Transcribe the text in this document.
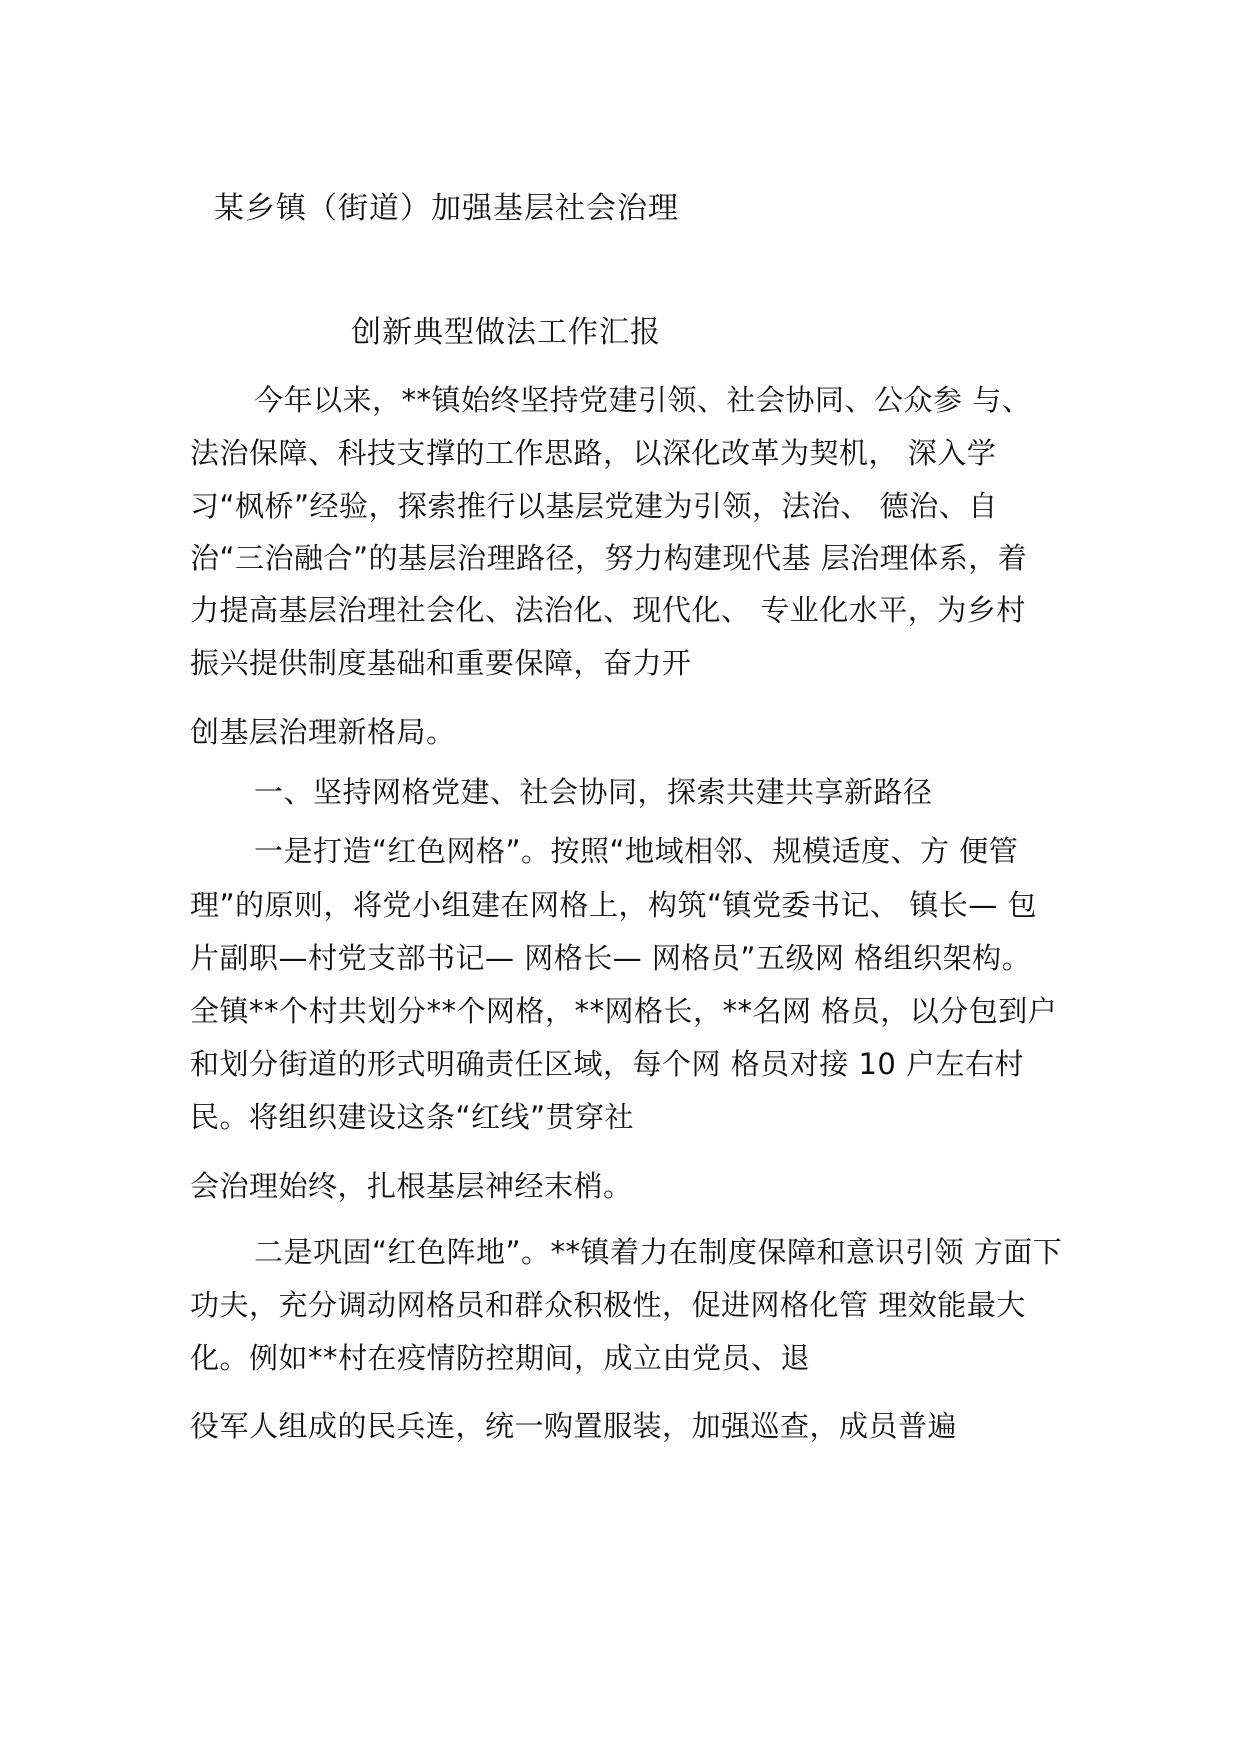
某乡镇（街道）加强基层社会治理
创新典型做法工作汇报
今年以来，**镇始终坚持党建引领、社会协同、公众参 与、
法治保障、科技支撑的工作思路，以深化改革为契机， 深入学
习“枫桥”经验，探索推行以基层党建为引领，法治、 德治、自
治“三治融合”的基层治理路径，努力构建现代基 层治理体系，着
力提高基层治理社会化、法治化、现代化、 专业化水平，为乡村
振兴提供制度基础和重要保障，奋力开
创基层治理新格局。
一、坚持网格党建、社会协同，探索共建共享新路径
一是打造“红色网格”。按照“地域相邻、规模适度、方 便管
理”的原则，将党小组建在网格上，构筑“镇党委书记、 镇长— 包
片副职—村党支部书记— 网格长— 网格员”五级网 格组织架构。
全镇**个村共划分**个网格，**网格长，**名网 格员，以分包到户
和划分街道的形式明确责任区域，每个网 格员对接 10 户左右村
民。将组织建设这条“红线”贯穿社
会治理始终，扎根基层神经末梢。
二是巩固“红色阵地”。**镇着力在制度保障和意识引领 方面下
功夫，充分调动网格员和群众积极性，促进网格化管 理效能最大
化。例如**村在疫情防控期间，成立由党员、退
役军人组成的民兵连，统一购置服装，加强巡查，成员普遍
